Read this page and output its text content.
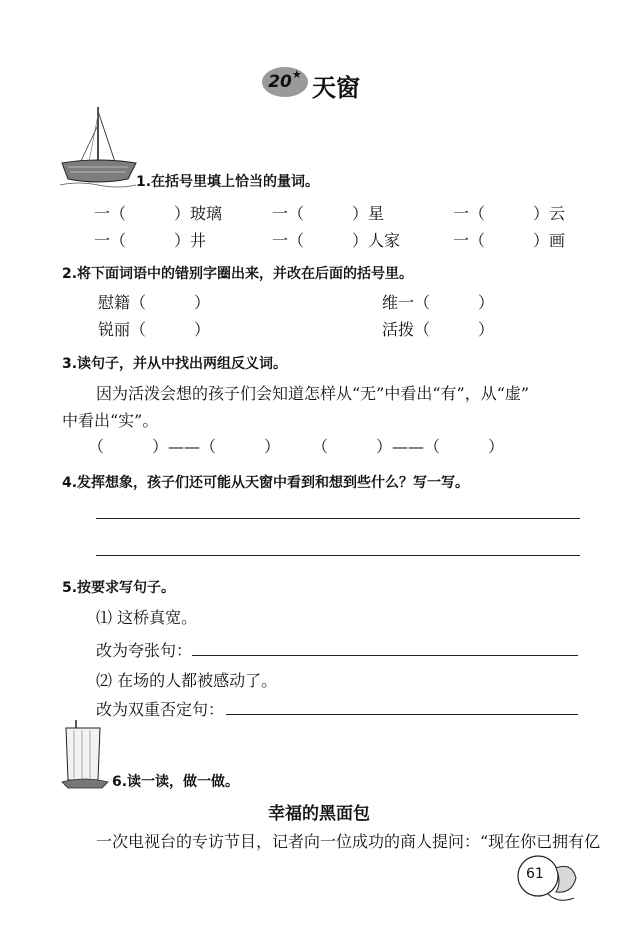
20 ★ 天窗
1.在括号里填上恰当的量词。
一（　　　）玻璃	一（　　　）星	一（　　　）云
一（　　　）井	一（　　　）人家	一（　　　）画
2.将下面词语中的错别字圈出来，并改在后面的括号里。
慰籍（　　　）	维一（　　　）
锐丽（　　　）	活拨（　　　）
3.读句子，并从中找出两组反义词。
因为活泼会想的孩子们会知道怎样从“无”中看出“有”，从“虚”
中看出“实”。
（　　　）——（　　　） （　　　）——（　　　）
4.发挥想象，孩子们还可能从天窗中看到和想到些什么？写一写。
5.按要求写句子。
⑴ 这桥真宽。
改为夸张句：
⑵ 在场的人都被感动了。
改为双重否定句：
6.读一读，做一做。
幸福的黑面包
一次电视台的专访节目，记者向一位成功的商人提问：“现在你已拥有亿
61
